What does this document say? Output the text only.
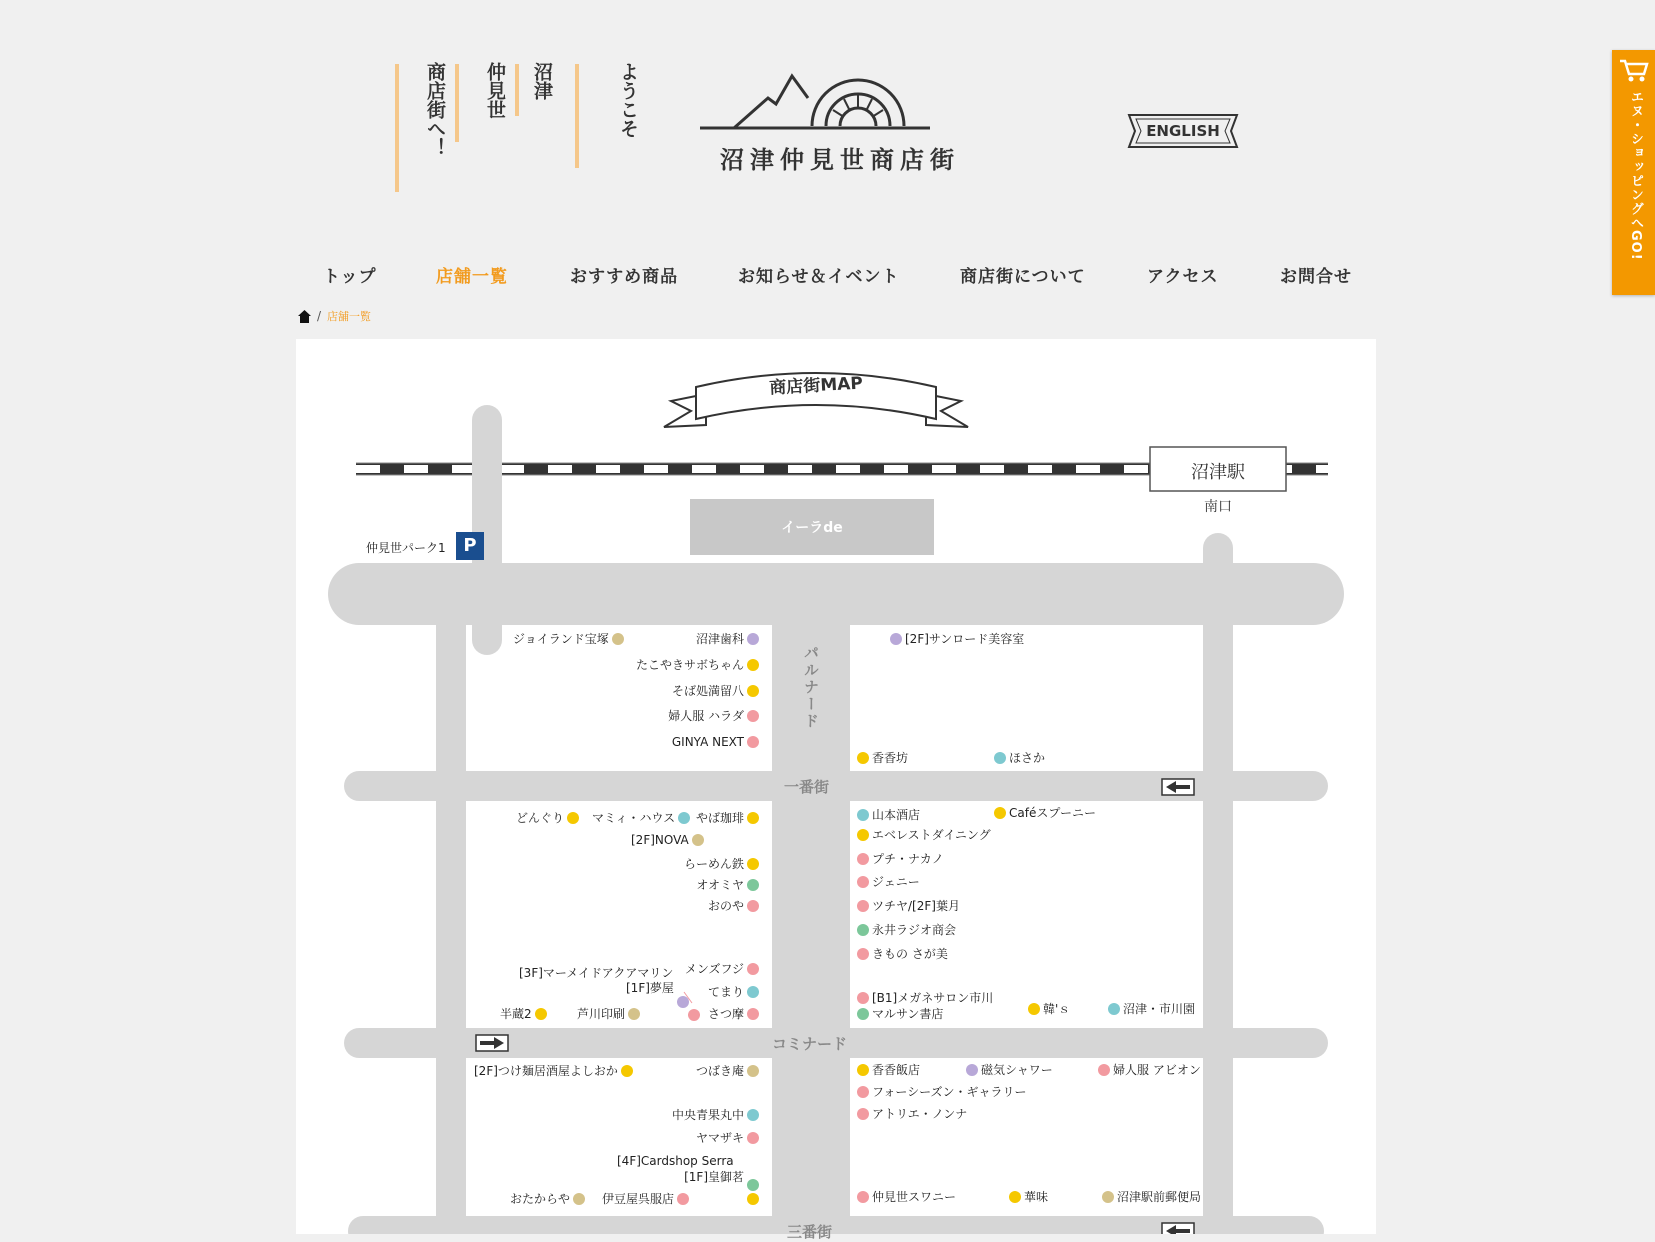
商店街へ！ 仲見世 沼津	ようこそ
沼津仲見世商店街
ENGLISH
トップ	店舗一覧	おすすめ商品	お知らせ＆イベント	商店街について	アクセス	お問合せ
/ 店舗一覧
エヌ・ショッピングへGO!
商店街MAP
沼津駅
南口
イーラde
仲見世パーク1 P
パルナード
一番街
コミナード
三番街
ジョイランド宝塚	沼津歯科
たこやきサボちゃん
そば処満留八
婦人服 ハラダ
GINYA NEXT
[2F]サンロード美容室
香香坊	ほさか
どんぐり マミィ・ハウス やば珈琲
[2F]NOVA
らーめん鉄
オオミヤ
おのや
[3F]マーメイドアクアマリン
[1F]夢屋
メンズフジ
てまり
半蔵2	芦川印刷	さつ摩
山本酒店	Caféスプーニー
エベレストダイニング
プチ・ナカノ
ジェニー
ツチヤ/[2F]葉月
永井ラジオ商会
きもの さが美
[B1]メガネサロン市川
マルサン書店	韓'ｓ	沼津・市川園
[2F]つけ麺居酒屋よしおか	つばき庵
中央青果丸中
ヤマザキ
[4F]Cardshop Serra
[1F]皇御茗
おたからや	伊豆屋呉服店
香香飯店	磁気シャワー	婦人服 アビオン
フォーシーズン・ギャラリー
アトリエ・ノンナ
仲見世スワニー	華味	沼津駅前郵便局
